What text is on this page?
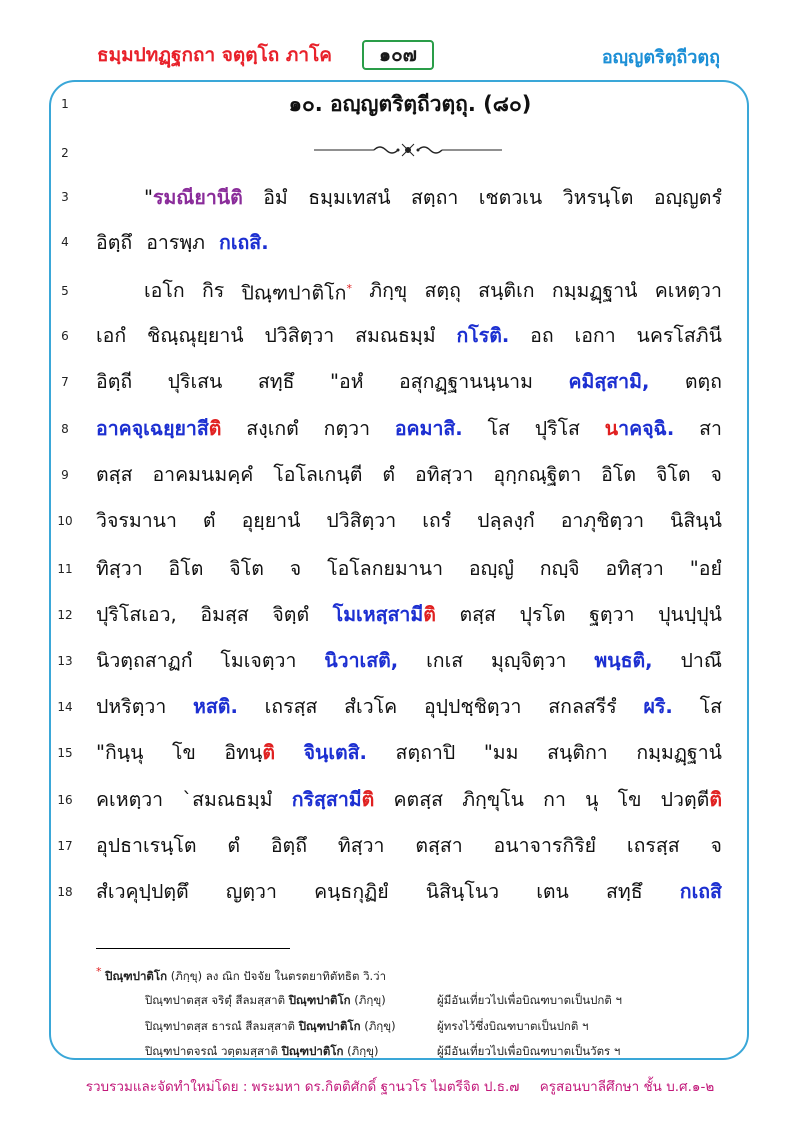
ธมฺมปทฏฺฐกถา จตุตฺโถ ภาโค	๑๐๗	อญฺญตริตฺถีวตฺถุ
1
2
3
4
5
6
7
8
9
10
11
12
13
14
15
16
17
18
๑๐. อญฺญตริตฺถีวตฺถุ. (๘๐)
"รมณียานีติ อิมํ ธมฺมเทสนํ สตฺถา เชตวเน วิหรนฺโต อญฺญตรํ
อิตฺถึ อารพฺภ กเถสิ.
เอโก กิร ปิณฺฑปาติโก* ภิกฺขุ สตฺถุ สนฺติเก กมฺมฏฺฐานํ คเหตฺวา
เอกํ ชิณฺณุยฺยานํ ปวิสิตฺวา สมณธมฺมํ กโรติ. อถ เอกา นครโสภินี
อิตฺถี ปุริเสน สทฺธึ "อหํ อสุกฏฺฐานนฺนาม คมิสฺสามิ, ตตฺถ
อาคจฺเฉยฺยาสีติ สงฺเกตํ กตฺวา อคมาสิ. โส ปุริโส นาคจฺฉิ. สา
ตสฺส อาคมนมคฺคํ โอโลเกนฺตี ตํ อทิสฺวา อุกฺกณฺฐิตา อิโต จิโต จ
วิจรมานา ตํ อุยฺยานํ ปวิสิตฺวา เถรํ ปลฺลงฺกํ อาภุชิตฺวา นิสินฺนํ
ทิสฺวา อิโต จิโต จ โอโลกยมานา อญฺญํ กญฺจิ อทิสฺวา "อยํ
ปุริโสเอว, อิมสฺส จิตฺตํ โมเหสฺสามีติ ตสฺส ปุรโต ฐตฺวา ปุนปฺปุนํ
นิวตฺถสาฏกํ โมเจตฺวา นิวาเสติ, เกเส มุญฺจิตฺวา พนฺธติ, ปาณึ
ปหริตฺวา หสติ. เถรสฺส สํเวโค อุปฺปชฺชิตฺวา สกลสรีรํ ผริ. โส
"กินฺนุ โข อิทนฺติ จินฺเตสิ. สตฺถาปิ "มม สนฺติกา กมฺมฏฺฐานํ
คเหตฺวา `สมณธมฺมํ กริสฺสามีติ คตสฺส ภิกฺขุโน กา นุ โข ปวตฺตีติ
อุปธาเรนฺโต ตํ อิตฺถึ ทิสฺวา ตสฺสา อนาจารกิริยํ เถรสฺส จ
สํเวคุปฺปตฺตึ ญตฺวา คนฺธกุฏิยํ นิสินฺโนว เตน สทฺธึ กเถสิ
* ปิณฺฑปาติโก (ภิกฺขุ) ลง ณิก ปัจจัย ในตรตยาทิตัทธิต วิ.ว่า
ปิณฺฑปาตสฺส จริตุํ สีลมสฺสาติ ปิณฺฑปาติโก (ภิกฺขุ)	ผู้มีอันเที่ยวไปเพื่อบิณฑบาตเป็นปกติ ฯ
ปิณฺฑปาตสฺส ธารณํ สีลมสฺสาติ ปิณฺฑปาติโก (ภิกฺขุ)	ผู้ทรงไว้ซึ่งบิณฑบาตเป็นปกติ ฯ
ปิณฺฑปาตจรณํ วตฺตมสฺสาติ ปิณฺฑปาติโก (ภิกฺขุ)	ผู้มีอันเที่ยวไปเพื่อบิณฑบาตเป็นวัตร ฯ
รวบรวมและจัดทำใหม่โดย : พระมหา ดร.กิตติศักดิ์ ฐานวโร ไมตรีจิต ป.ธ.๗ ครูสอนบาลีศึกษา ชั้น บ.ศ.๑-๒
